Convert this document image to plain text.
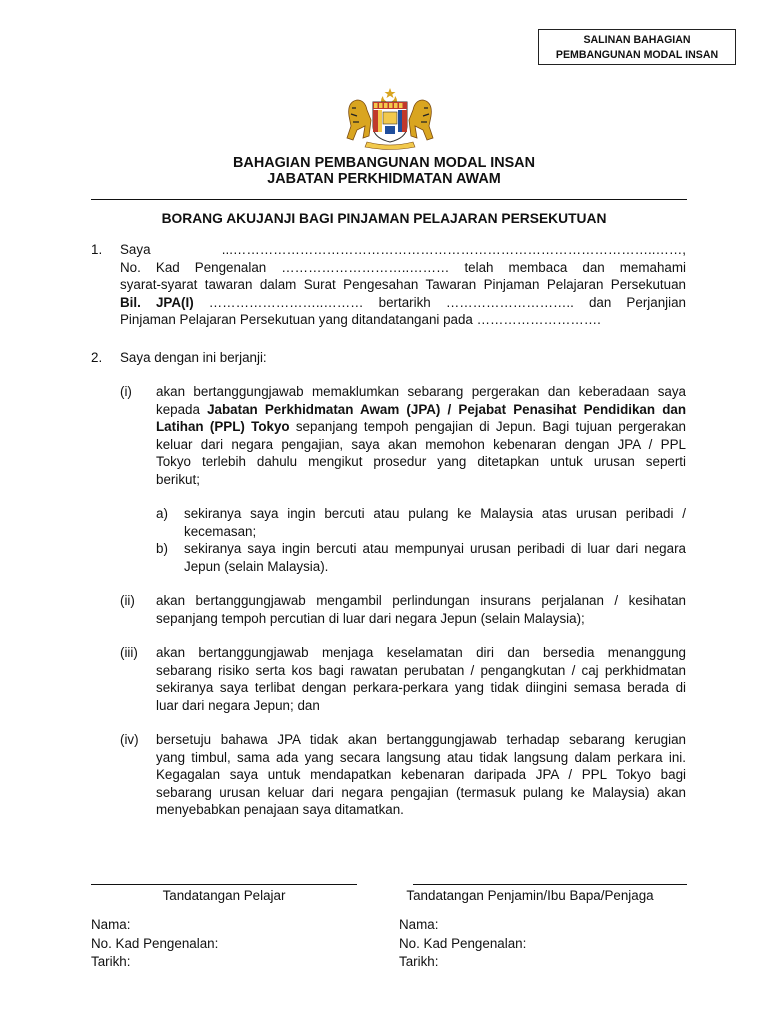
SALINAN BAHAGIAN
PEMBANGUNAN MODAL INSAN
BAHAGIAN PEMBANGUNAN MODAL INSAN
JABATAN PERKHIDMATAN AWAM
BORANG AKUJANJI BAGI PINJAMAN PELAJARAN PERSEKUTUAN
1. Saya ...…………………………………………………………………………………..……,
No. Kad Pengenalan ………………………..……… telah membaca dan memahami
syarat-syarat tawaran dalam Surat Pengesahan Tawaran Pinjaman Pelajaran Persekutuan
Bil. JPA(I) ……………………..……… bertarikh ……………………….. dan Perjanjian
Pinjaman Pelajaran Persekutuan yang ditandatangani pada ……………………….
2. Saya dengan ini berjanji:
(i) akan bertanggungjawab memaklumkan sebarang pergerakan dan keberadaan saya
kepada Jabatan Perkhidmatan Awam (JPA) / Pejabat Penasihat Pendidikan dan
Latihan (PPL) Tokyo sepanjang tempoh pengajian di Jepun. Bagi tujuan pergerakan
keluar dari negara pengajian, saya akan memohon kebenaran dengan JPA / PPL
Tokyo terlebih dahulu mengikut prosedur yang ditetapkan untuk urusan seperti
berikut;
a) sekiranya saya ingin bercuti atau pulang ke Malaysia atas urusan peribadi /
kecemasan;
b) sekiranya saya ingin bercuti atau mempunyai urusan peribadi di luar dari negara
Jepun (selain Malaysia).
(ii) akan bertanggungjawab mengambil perlindungan insurans perjalanan / kesihatan
sepanjang tempoh percutian di luar dari negara Jepun (selain Malaysia);
(iii) akan bertanggungjawab menjaga keselamatan diri dan bersedia menanggung
sebarang risiko serta kos bagi rawatan perubatan / pengangkutan / caj perkhidmatan
sekiranya saya terlibat dengan perkara-perkara yang tidak diingini semasa berada di
luar dari negara Jepun; dan
(iv) bersetuju bahawa JPA tidak akan bertanggungjawab terhadap sebarang kerugian
yang timbul, sama ada yang secara langsung atau tidak langsung dalam perkara ini.
Kegagalan saya untuk mendapatkan kebenaran daripada JPA / PPL Tokyo bagi
sebarang urusan keluar dari negara pengajian (termasuk pulang ke Malaysia) akan
menyebabkan penajaan saya ditamatkan.
Tandatangan Pelajar	Tandatangan Penjamin/Ibu Bapa/Penjaga
Nama:
No. Kad Pengenalan:
Tarikh:
Nama:
No. Kad Pengenalan:
Tarikh:
